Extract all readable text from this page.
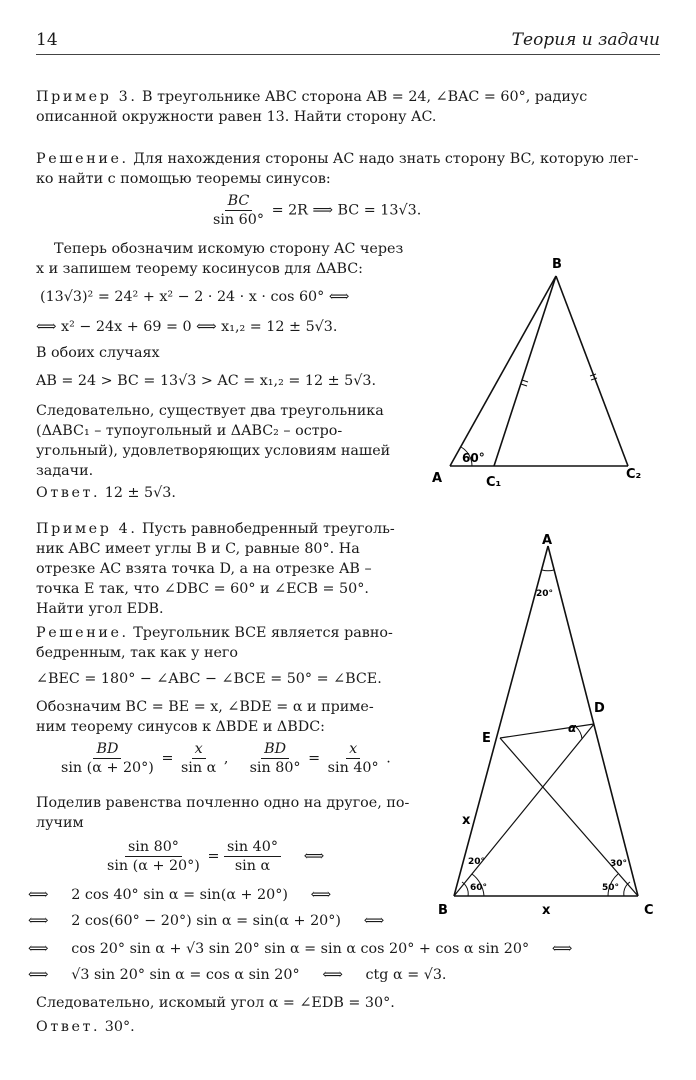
14	Теория и задачи
Пример 3. В треугольнике ABC сторона AB = 24, ∠BAC = 60°, радиус
описанной окружности равен 13. Найти сторону AC.
Решение. Для нахождения стороны AC надо знать сторону BC, которую лег-
ко найти с помощью теоремы синусов:
$\frac{BC}{\sin 60^\circ} = 2R$ ⟹ BC = 13√3.
Теперь обозначим искомую сторону AC через
x и запишем теорему косинусов для ΔABC:
(13√3)² = 24² + x² − 2 · 24 · x · cos 60° ⟺
⟺ x² − 24x + 69 = 0 ⟺ x₁,₂ = 12 ± 5√3.
В обоих случаях
AB = 24 > BC = 13√3 > AC = x₁,₂ = 12 ± 5√3.
Следовательно, существует два треугольника
(ΔABC₁ – тупоугольный и ΔABC₂ – остро-
угольный), удовлетворяющих условиям нашей
задачи.
Ответ. 12 ± 5√3.
60°
B
A	C₁
C₂
Пример 4. Пусть равнобедренный треуголь-
ник ABC имеет углы B и C, равные 80°. На
отрезке AC взята точка D, а на отрезке AB –
точка E так, что ∠DBC = 60° и ∠ECB = 50°.
Найти угол EDB.
Решение. Треугольник BCE является равно-
бедренным, так как у него
∠BEC = 180° − ∠ABC − ∠BCE = 50° = ∠BCE.
Обозначим BC = BE = x, ∠BDE = α и приме-
ним теорему синусов к ΔBDE и ΔBDC:
$\frac{BD}{\sin (\alpha + 20^\circ)} = \frac{x}{\text{sin α}}$ , $\frac{BD}{\sin 80^\circ} = \frac{x}{\sin 40^\circ}$ .
Поделив равенства почленно одно на другое, по-
лучим
$\frac{\sin 80^\circ}{\sin (\alpha + 20^\circ)} = \frac{\sin 40^\circ}{\text{sin α}}$ ⟺
⟺     2 cos 40° sin α = sin(α + 20°)     ⟺
⟺     2 cos(60° − 20°) sin α = sin(α + 20°)     ⟺
⟺     cos 20° sin α + √3 sin 20° sin α = sin α cos 20° + cos α sin 20°     ⟺
⟺     √3 sin 20° sin α = cos α sin 20°     ⟺     ctg α = √3.
Следовательно, искомый угол α = ∠EDB = 30°.
Ответ. 30°.
A
20°
D
E
α
x
20°
60°
30°
50°
B	x	C
